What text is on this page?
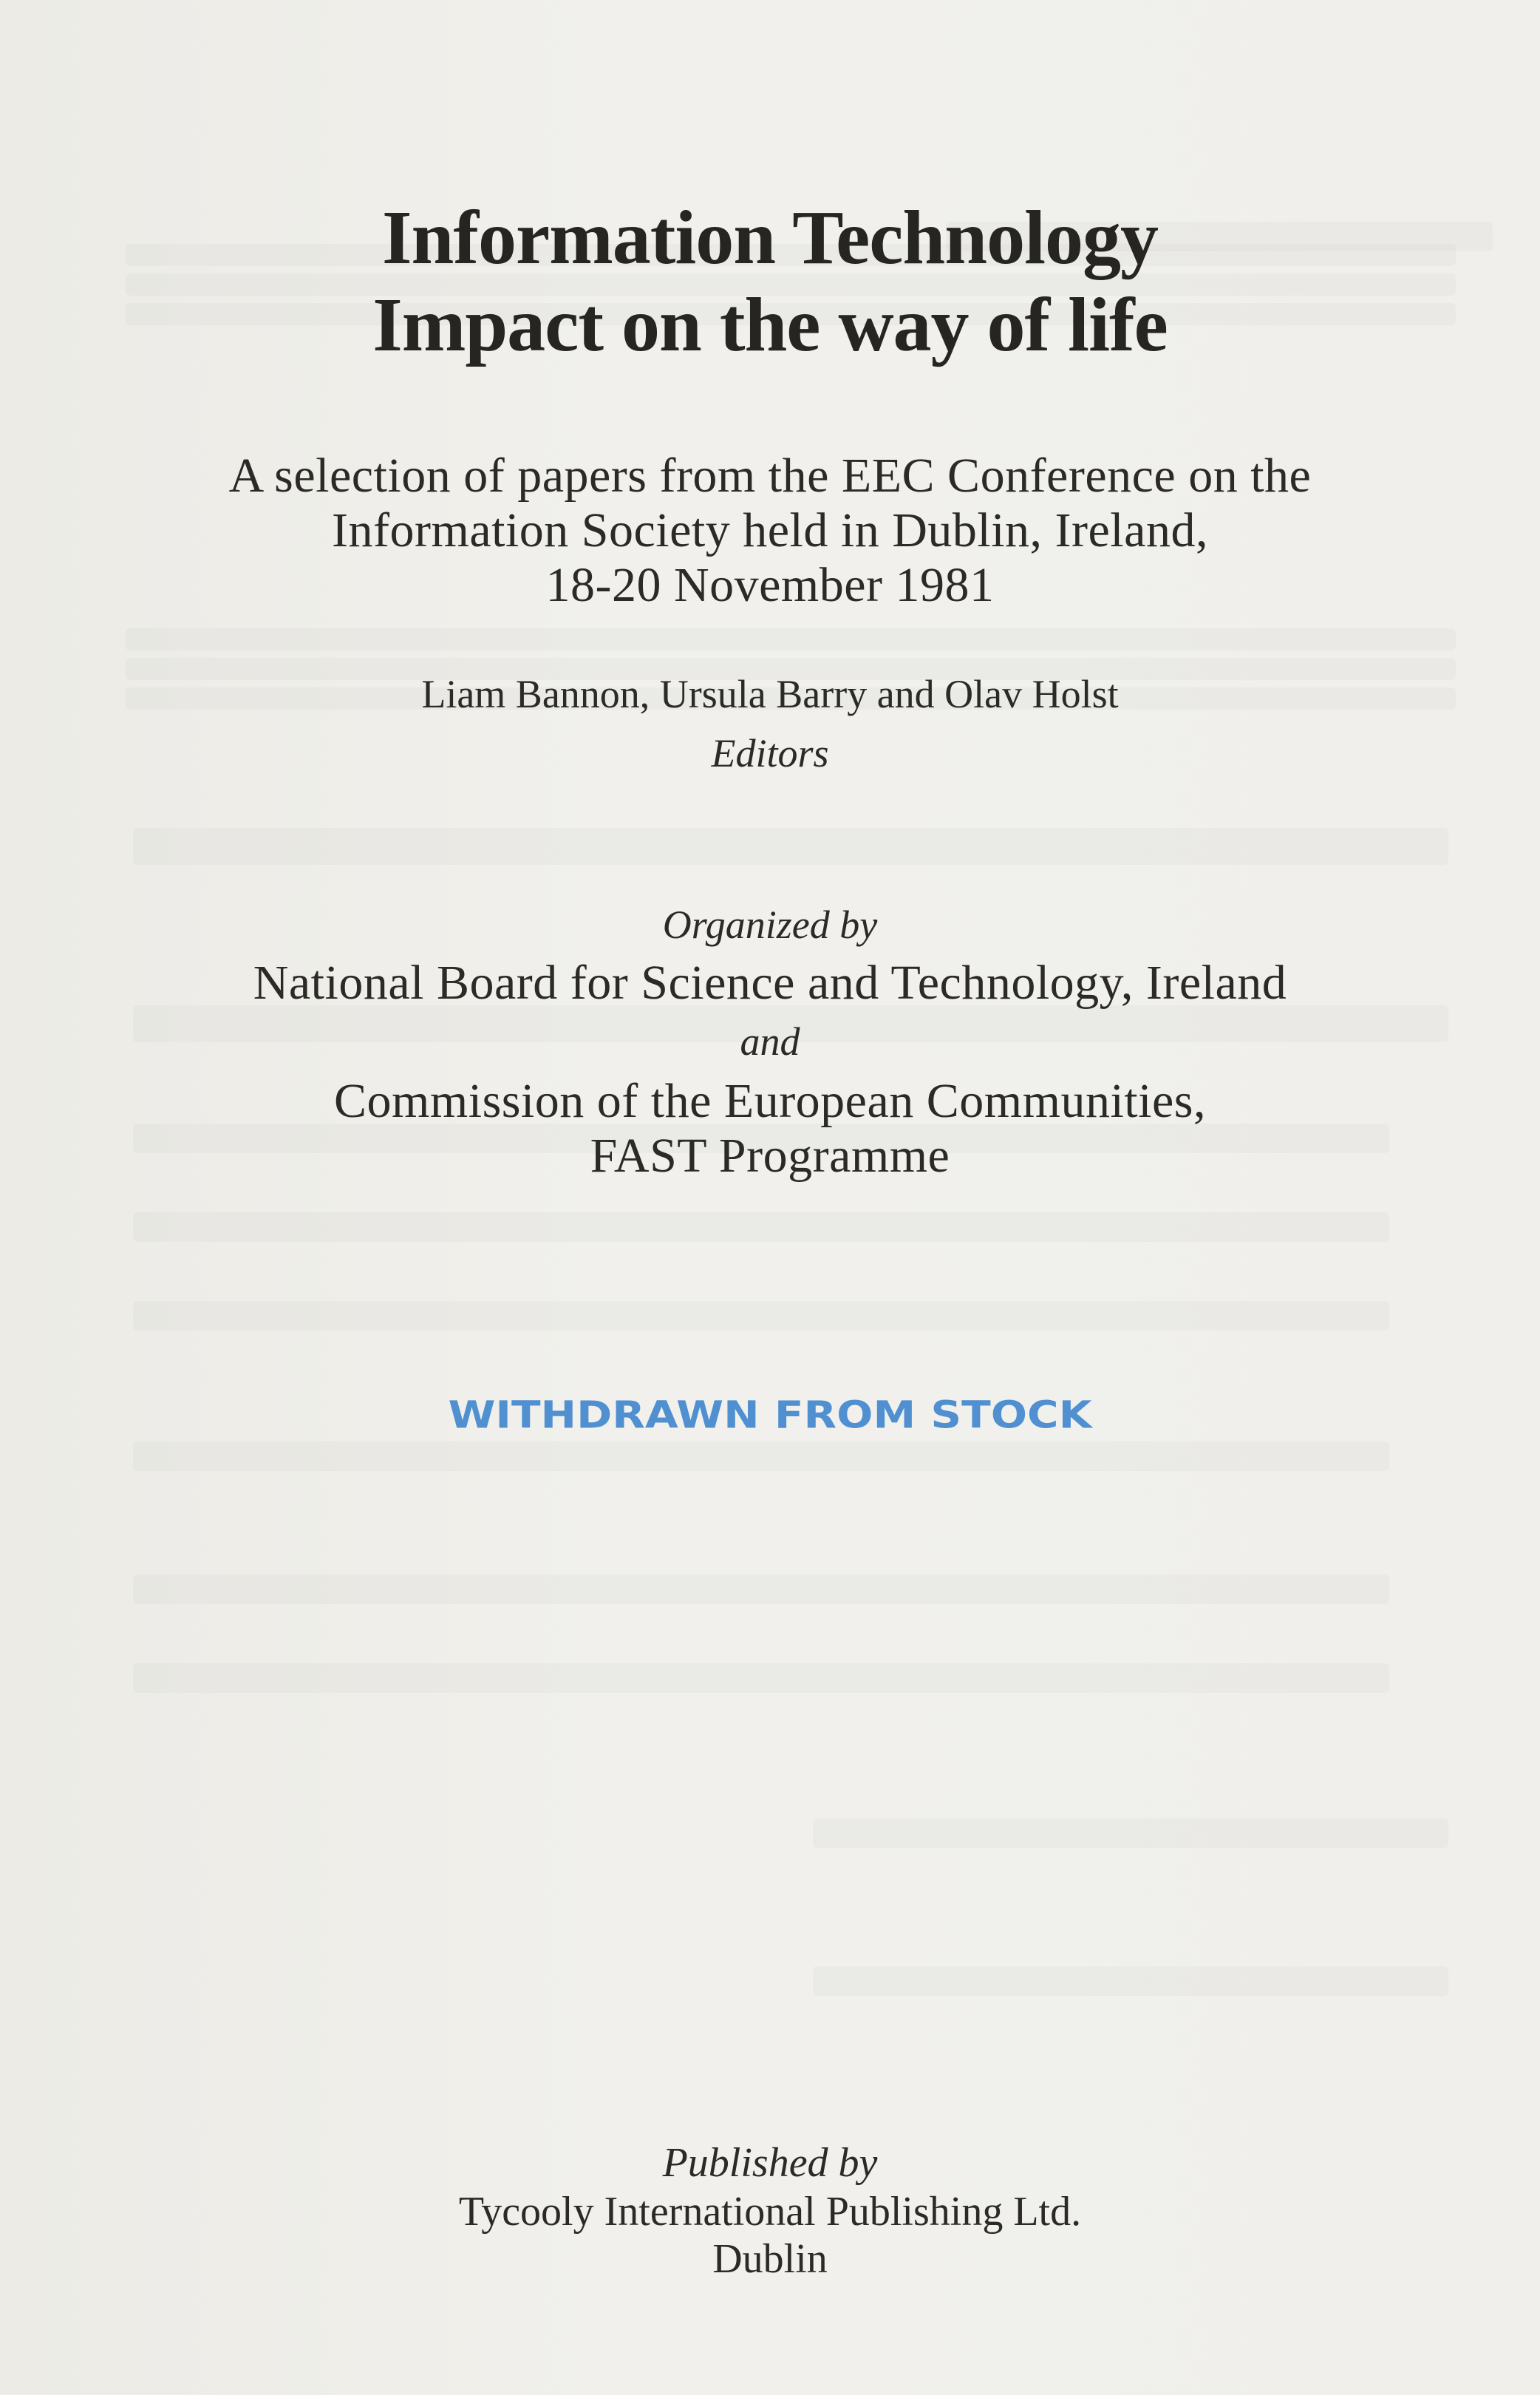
Information Technology
Impact on the way of life
A selection of papers from the EEC Conference on the
Information Society held in Dublin, Ireland,
18-20 November 1981
Liam Bannon, Ursula Barry and Olav Holst
Editors
Organized by
National Board for Science and Technology, Ireland
and
Commission of the European Communities,
FAST Programme
WITHDRAWN FROM STOCK
Published by
Tycooly International Publishing Ltd.
Dublin
